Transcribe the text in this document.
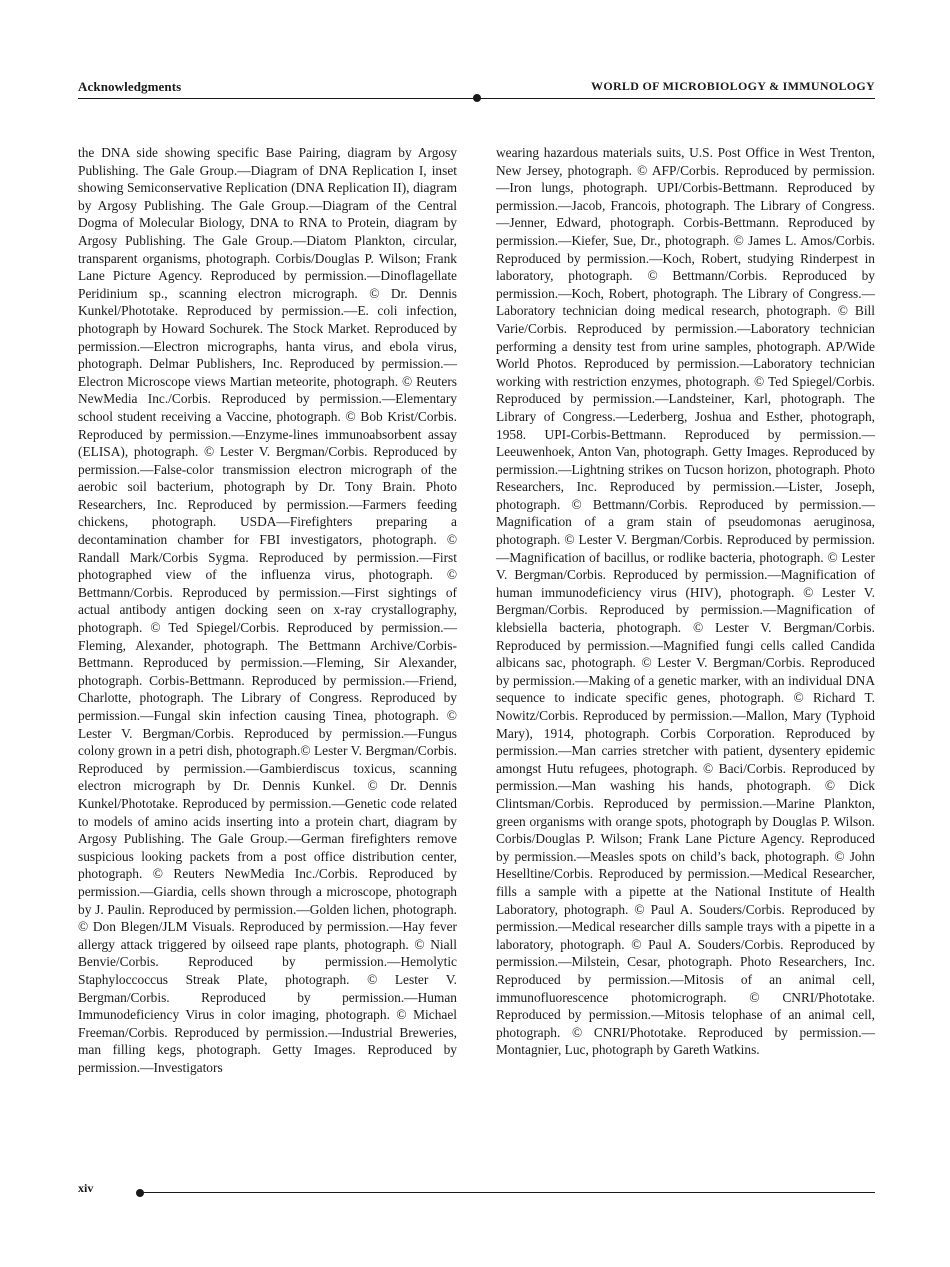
Acknowledgments	WORLD OF MICROBIOLOGY & IMMUNOLOGY

the DNA side showing specific Base Pairing, diagram by Argosy Publishing. The Gale Group.—Diagram of DNA Replication I, inset showing Semiconservative Replication (DNA Replication II), diagram by Argosy Publishing. The Gale Group.—Diagram of the Central Dogma of Molecular Biology, DNA to RNA to Protein, diagram by Argosy Publishing. The Gale Group.—Diatom Plankton, circular, transparent organisms, photograph. Corbis/Douglas P. Wilson; Frank Lane Picture Agency. Reproduced by permission.—Dinoflagellate Peridinium sp., scanning electron micrograph. © Dr. Dennis Kunkel/Phototake. Reproduced by permission.—E. coli infection, photograph by Howard Sochurek. The Stock Market. Reproduced by permission.—Electron micrographs, hanta virus, and ebola virus, photograph. Delmar Publishers, Inc. Reproduced by permission.—Electron Microscope views Martian meteorite, photograph. © Reuters NewMedia Inc./Corbis. Reproduced by permission.—Elementary school student receiving a Vaccine, photograph. © Bob Krist/Corbis. Reproduced by permission.—Enzyme-lines immunoabsorbent assay (ELISA), photograph. © Lester V. Bergman/Corbis. Reproduced by permission.—False-color transmission electron micrograph of the aerobic soil bacterium, photograph by Dr. Tony Brain. Photo Researchers, Inc. Reproduced by permission.—Farmers feeding chickens, photograph. USDA—Firefighters preparing a decontamination chamber for FBI investigators, photograph. © Randall Mark/Corbis Sygma. Reproduced by permission.—First photographed view of the influenza virus, photograph. © Bettmann/Corbis. Reproduced by permission.—First sightings of actual antibody antigen docking seen on x-ray crystallography, photograph. © Ted Spiegel/Corbis. Reproduced by permission.—Fleming, Alexander, photograph. The Bettmann Archive/Corbis-Bettmann. Reproduced by permission.—Fleming, Sir Alexander, photograph. Corbis-Bettmann. Reproduced by permission.—Friend, Charlotte, photograph. The Library of Congress. Reproduced by permission.—Fungal skin infection causing Tinea, photograph. © Lester V. Bergman/Corbis. Reproduced by permission.—Fungus colony grown in a petri dish, photograph.© Lester V. Bergman/Corbis. Reproduced by permission.—Gambierdiscus toxicus, scanning electron micrograph by Dr. Dennis Kunkel. © Dr. Dennis Kunkel/Phototake. Reproduced by permission.—Genetic code related to models of amino acids inserting into a protein chart, diagram by Argosy Publishing. The Gale Group.—German firefighters remove suspicious looking packets from a post office distribution center, photograph. © Reuters NewMedia Inc./Corbis. Reproduced by permission.—Giardia, cells shown through a microscope, photograph by J. Paulin. Reproduced by permission.—Golden lichen, photograph. © Don Blegen/JLM Visuals. Reproduced by permission.—Hay fever allergy attack triggered by oilseed rape plants, photograph. © Niall Benvie/Corbis. Reproduced by permission.—Hemolytic Staphyloccoccus Streak Plate, photograph. © Lester V. Bergman/Corbis. Reproduced by permission.—Human Immunodeficiency Virus in color imaging, photograph. © Michael Freeman/Corbis. Reproduced by permission.—Industrial Breweries, man filling kegs, photograph. Getty Images. Reproduced by permission.—Investigators

wearing hazardous materials suits, U.S. Post Office in West Trenton, New Jersey, photograph. © AFP/Corbis. Reproduced by permission.—Iron lungs, photograph. UPI/Corbis-Bettmann. Reproduced by permission.—Jacob, Francois, photograph. The Library of Congress.—Jenner, Edward, photograph. Corbis-Bettmann. Reproduced by permission.—Kiefer, Sue, Dr., photograph. © James L. Amos/Corbis. Reproduced by permission.—Koch, Robert, studying Rinderpest in laboratory, photograph. © Bettmann/Corbis. Reproduced by permission.—Koch, Robert, photograph. The Library of Congress.—Laboratory technician doing medical research, photograph. © Bill Varie/Corbis. Reproduced by permission.—Laboratory technician performing a density test from urine samples, photograph. AP/Wide World Photos. Reproduced by permission.—Laboratory technician working with restriction enzymes, photograph. © Ted Spiegel/Corbis. Reproduced by permission.—Landsteiner, Karl, photograph. The Library of Congress.—Lederberg, Joshua and Esther, photograph, 1958. UPI-Corbis-Bettmann. Reproduced by permission.—Leeuwenhoek, Anton Van, photograph. Getty Images. Reproduced by permission.—Lightning strikes on Tucson horizon, photograph. Photo Researchers, Inc. Reproduced by permission.—Lister, Joseph, photograph. © Bettmann/Corbis. Reproduced by permission.—Magnification of a gram stain of pseudomonas aeruginosa, photograph. © Lester V. Bergman/Corbis. Reproduced by permission.—Magnification of bacillus, or rodlike bacteria, photograph. © Lester V. Bergman/Corbis. Reproduced by permission.—Magnification of human immunodeficiency virus (HIV), photograph. © Lester V. Bergman/Corbis. Reproduced by permission.—Magnification of klebsiella bacteria, photograph. © Lester V. Bergman/Corbis. Reproduced by permission.—Magnified fungi cells called Candida albicans sac, photograph. © Lester V. Bergman/Corbis. Reproduced by permission.—Making of a genetic marker, with an individual DNA sequence to indicate specific genes, photograph. © Richard T. Nowitz/Corbis. Reproduced by permission.—Mallon, Mary (Typhoid Mary), 1914, photograph. Corbis Corporation. Reproduced by permission.—Man carries stretcher with patient, dysentery epidemic amongst Hutu refugees, photograph. © Baci/Corbis. Reproduced by permission.—Man washing his hands, photograph. © Dick Clintsman/Corbis. Reproduced by permission.—Marine Plankton, green organisms with orange spots, photograph by Douglas P. Wilson. Corbis/Douglas P. Wilson; Frank Lane Picture Agency. Reproduced by permission.—Measles spots on child’s back, photograph. © John Heselltine/Corbis. Reproduced by permission.—Medical Researcher, fills a sample with a pipette at the National Institute of Health Laboratory, photograph. © Paul A. Souders/Corbis. Reproduced by permission.—Medical researcher dills sample trays with a pipette in a laboratory, photograph. © Paul A. Souders/Corbis. Reproduced by permission.—Milstein, Cesar, photograph. Photo Researchers, Inc. Reproduced by permission.—Mitosis of an animal cell, immunofluorescence photomicrograph. © CNRI/Phototake. Reproduced by permission.—Mitosis telophase of an animal cell, photograph. © CNRI/Phototake. Reproduced by permission.—Montagnier, Luc, photograph by Gareth Watkins.

xiv
